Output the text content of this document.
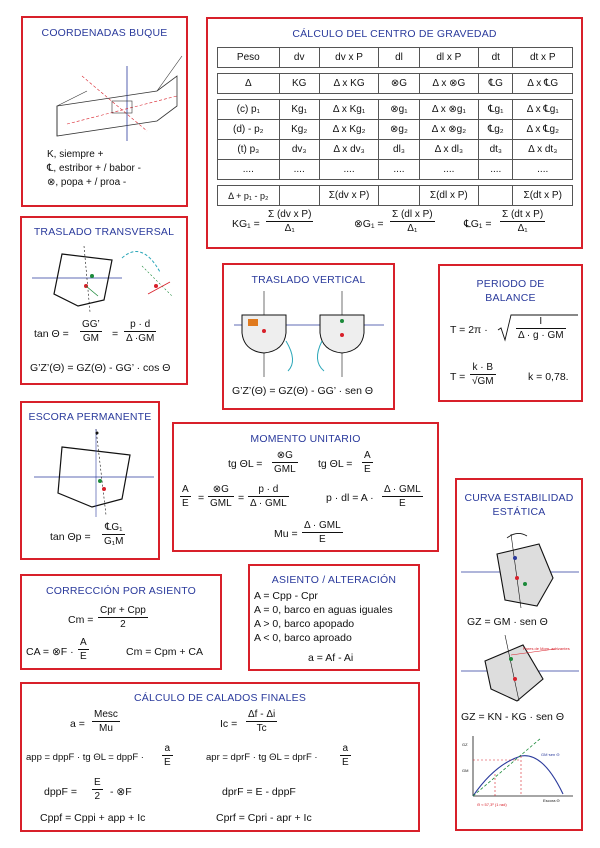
COORDENADAS BUQUE
K, siempre +
℄, estribor + / babor -
⊗, popa + / proa -
CÁLCULO DEL CENTRO DE GRAVEDAD
Peso	dv	dv x P	dl	dl x P	dt	dt x P

Δ	KG	Δ x KG	⊗G	Δ x ⊗G	℄G	Δ x ℄G

(c) p₁	Kg₁	Δ x Kg₁	⊗g₁	Δ x ⊗g₁	℄g₁	Δ x ℄g₁
(d) - p₂	Kg₂	Δ x Kg₂	⊗g₂	Δ x ⊗g₂	℄g₂	Δ x ℄g₂
(t) p₃	dv₃	Δ x dv₃	dl₃	Δ x dl₃	dt₃	Δ x dt₃
....	....	....	....	....	....	....

Δ + p₁ - p₂		Σ(dv x P)		Σ(dl x P)		Σ(dt x P)
$KG_1 = \frac{\text{Σ (dv x P)}}{\text{Δ₁}}$	⊗G₁ = $\frac{\text{Σ (dl x P)}}{\text{Δ₁}}$	℄G₁ = $\frac{\text{Σ (dt x P)}}{\text{Δ₁}}$
TRASLADO TRANSVERSAL
$\tan \Theta = \frac{GG’}{GM} = \frac{p \cdot d}{\Delta \cdot GM}$
G’Z’(Θ) = GZ(Θ) - GG’ · cos Θ
TRASLADO VERTICAL
G’Z’(Θ) = GZ(Θ) - GG’ · sen Θ
PERIODO DE
BALANCE
T = 2π ·	$\frac{I}{\Delta \cdot g \cdot GM}$
$T = \frac{k \cdot B}{√GM}$	k = 0,78.
ESCORA PERMANENTE
$\tan \Theta p = \frac{\text{℄G₁}}{\text{G₁M}}$
MOMENTO UNITARIO
tg ΘL =
⊗G
GML tg $\Theta L = \frac{A}{E}$
$\frac{A}{E}$ =
⊗G
GML =
p · d
Δ · GML	p · dl = A ·
Δ · GML
E
Mu =
Δ · GML
E
CURVA ESTABILIDAD
ESTÁTICA
GZ = GM · sen Θ
Pares de Mom. adrizantes
GZ = KN - KG · sen Θ
GM·sen Θ
GZ
GM
Escora Θ
Θ ≈ 57,3º (1 rad)
CORRECCIÓN POR ASIENTO
Cm =
Cpr + Cpp
2
CA = ⊗F · $\frac{A}{E}$	Cm = Cpm + CA
ASIENTO / ALTERACIÓN
A = Cpp - Cpr
A = 0, barco en aguas iguales
A > 0, barco apopado
A < 0, barco aproado
a = Af - Ai
CÁLCULO DE CALADOS FINALES
a =
Mesc
Mu	$Ic = \frac{\Delta f - \Delta i}{Tc}$
app = dppF · tg ΘL = dppF · $\frac{a}{E}$	apr = dprF · tg ΘL = dprF · $\frac{a}{E}$
dppF = $\frac{E}{2}$ - ⊗F	dprF = E - dppF
Cppf = Cppi + app + Ic	Cprf = Cpri - apr + Ic
